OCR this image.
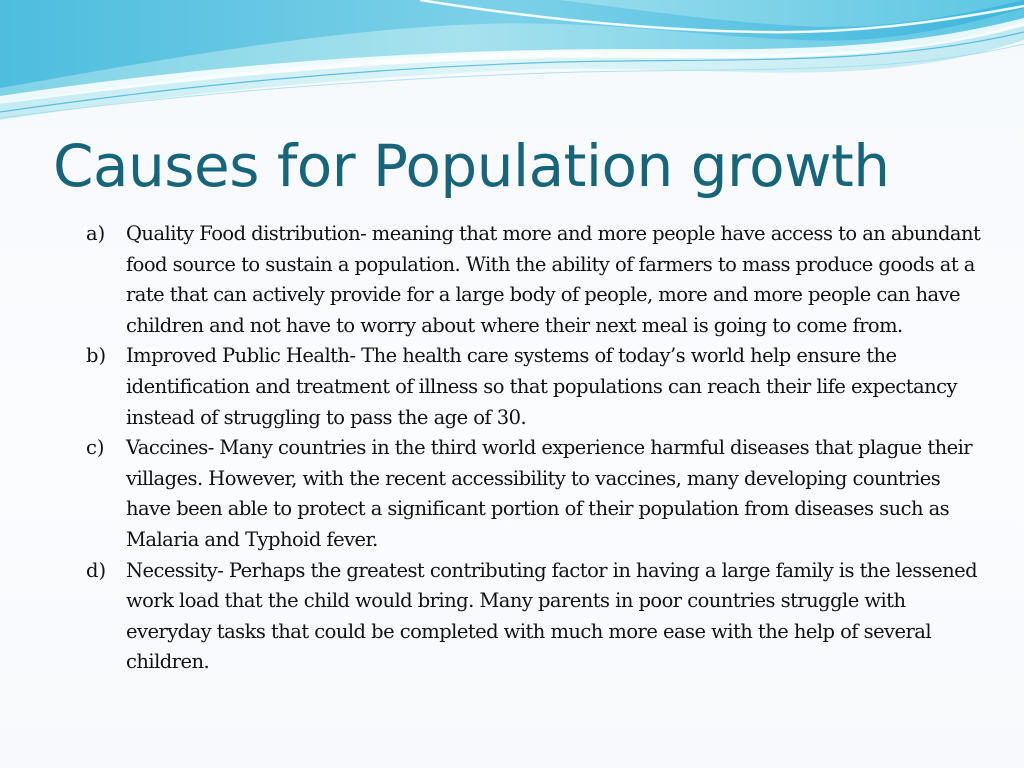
Causes for Population growth
a)	Quality Food distribution- meaning that more and more people have access to an abundant food source to sustain a population. With the ability of farmers to mass produce goods at a rate that can actively provide for a large body of people, more and more people can have children and not have to worry about where their next meal is going to come from.
b)	Improved Public Health- The health care systems of today’s world help ensure the identification and treatment of illness so that populations can reach their life expectancy instead of struggling to pass the age of 30.
c)	Vaccines- Many countries in the third world experience harmful diseases that plague their villages. However, with the recent accessibility to vaccines, many developing countries have been able to protect a significant portion of their population from diseases such as Malaria and Typhoid fever.
d)	Necessity- Perhaps the greatest contributing factor in having a large family is the lessened work load that the child would bring. Many parents in poor countries struggle with everyday tasks that could be completed with much more ease with the help of several children.
